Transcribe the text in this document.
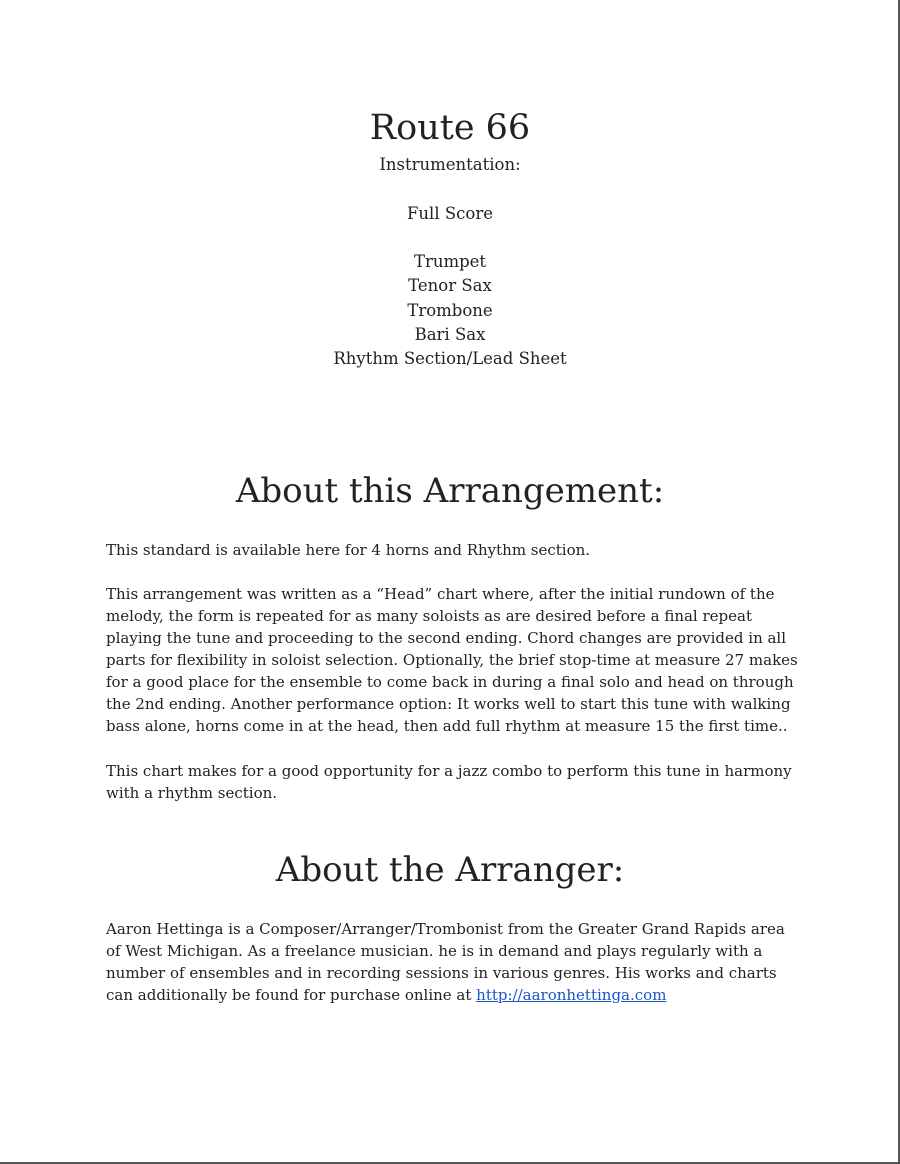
Route 66
Instrumentation:
Full Score
Trumpet
Tenor Sax
Trombone
Bari Sax
Rhythm Section/Lead Sheet
About this Arrangement:

This standard is available here for 4 horns and Rhythm section.

This arrangement was written as a “Head” chart where, after the initial rundown of the melody, the form is repeated for as many soloists as are desired before a final repeat playing the tune and proceeding to the second ending. Chord changes are provided in all parts for flexibility in soloist selection. Optionally, the brief stop-time at measure 27 makes for a good place for the ensemble to come back in during a final solo and head on through the 2nd ending. Another performance option: It works well to start this tune with walking bass alone, horns come in at the head, then add full rhythm at measure 15 the first time..

This chart makes for a good opportunity for a jazz combo to perform this tune in harmony with a rhythm section.

About the Arranger:

Aaron Hettinga is a Composer/Arranger/Trombonist from the Greater Grand Rapids area of West Michigan. As a freelance musician. he is in demand and plays regularly with a number of ensembles and in recording sessions in various genres. His works and charts can additionally be found for purchase online at http://aaronhettinga.com
